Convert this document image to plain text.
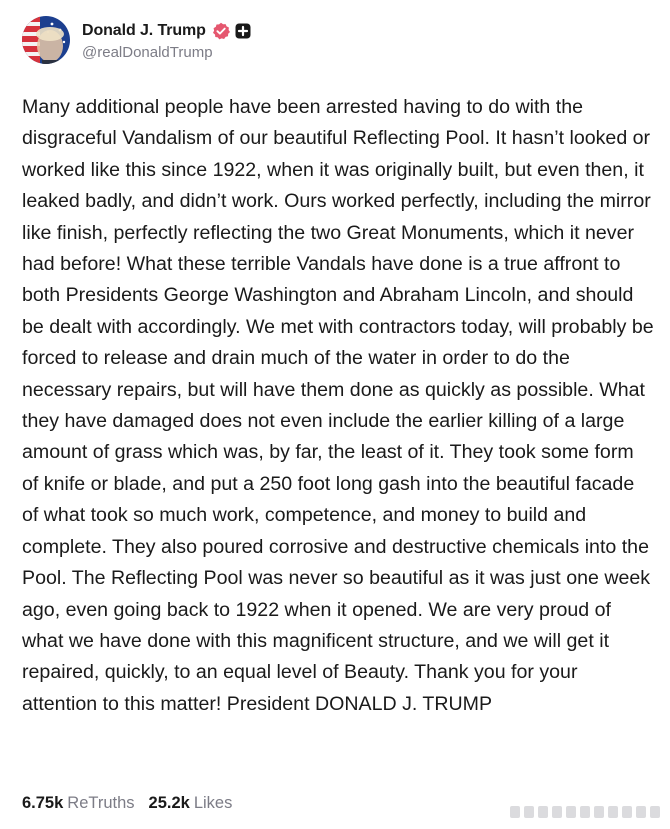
Donald J. Trump
@realDonaldTrump
Many additional people have been arrested having to do with the disgraceful Vandalism of our beautiful Reflecting Pool. It hasn’t looked or worked like this since 1922, when it was originally built, but even then, it leaked badly, and didn’t work. Ours worked perfectly, including the mirror like finish, perfectly reflecting the two Great Monuments, which it never had before! What these terrible Vandals have done is a true affront to both Presidents George Washington and Abraham Lincoln, and should be dealt with accordingly. We met with contractors today, will probably be forced to release and drain much of the water in order to do the necessary repairs, but will have them done as quickly as possible. What they have damaged does not even include the earlier killing of a large amount of grass which was, by far, the least of it. They took some form of knife or blade, and put a 250 foot long gash into the beautiful facade of what took so much work, competence, and money to build and complete. They also poured corrosive and destructive chemicals into the Pool. The Reflecting Pool was never so beautiful as it was just one week ago, even going back to 1922 when it opened. We are very proud of what we have done with this magnificent structure, and we will get it repaired, quickly, to an equal level of Beauty. Thank you for your attention to this matter! President DONALD J. TRUMP
6.75k ReTruths 25.2k Likes
